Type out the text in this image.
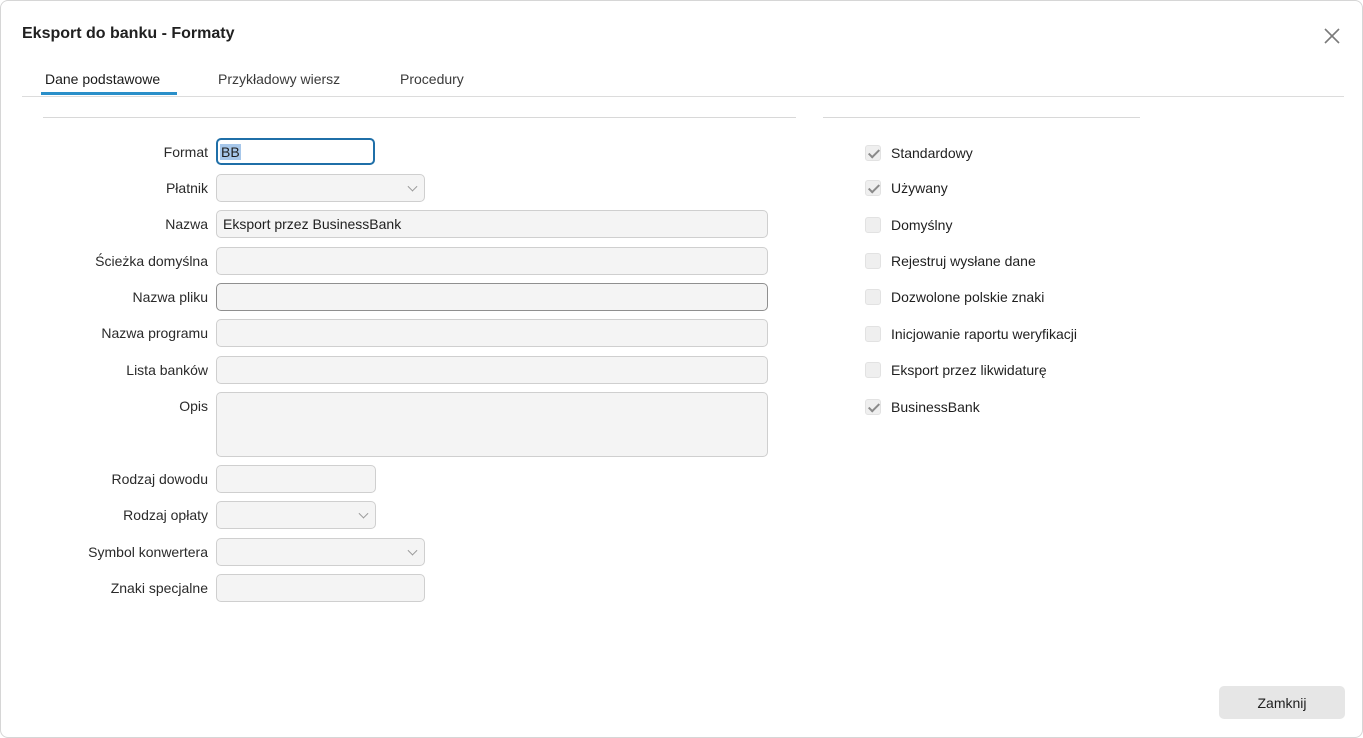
Eksport do banku - Formaty
Dane podstawowe	Przykładowy wiersz	Procedury
Format
Płatnik
Nazwa
Ścieżka domyślna
Nazwa pliku
Nazwa programu
Lista banków
Opis
Rodzaj dowodu
Rodzaj opłaty
Symbol konwertera
Znaki specjalne
BB
Eksport przez BusinessBank
Standardowy
Używany
Domyślny
Rejestruj wysłane dane
Dozwolone polskie znaki
Inicjowanie raportu weryfikacji
Eksport przez likwidaturę
BusinessBank
Zamknij
